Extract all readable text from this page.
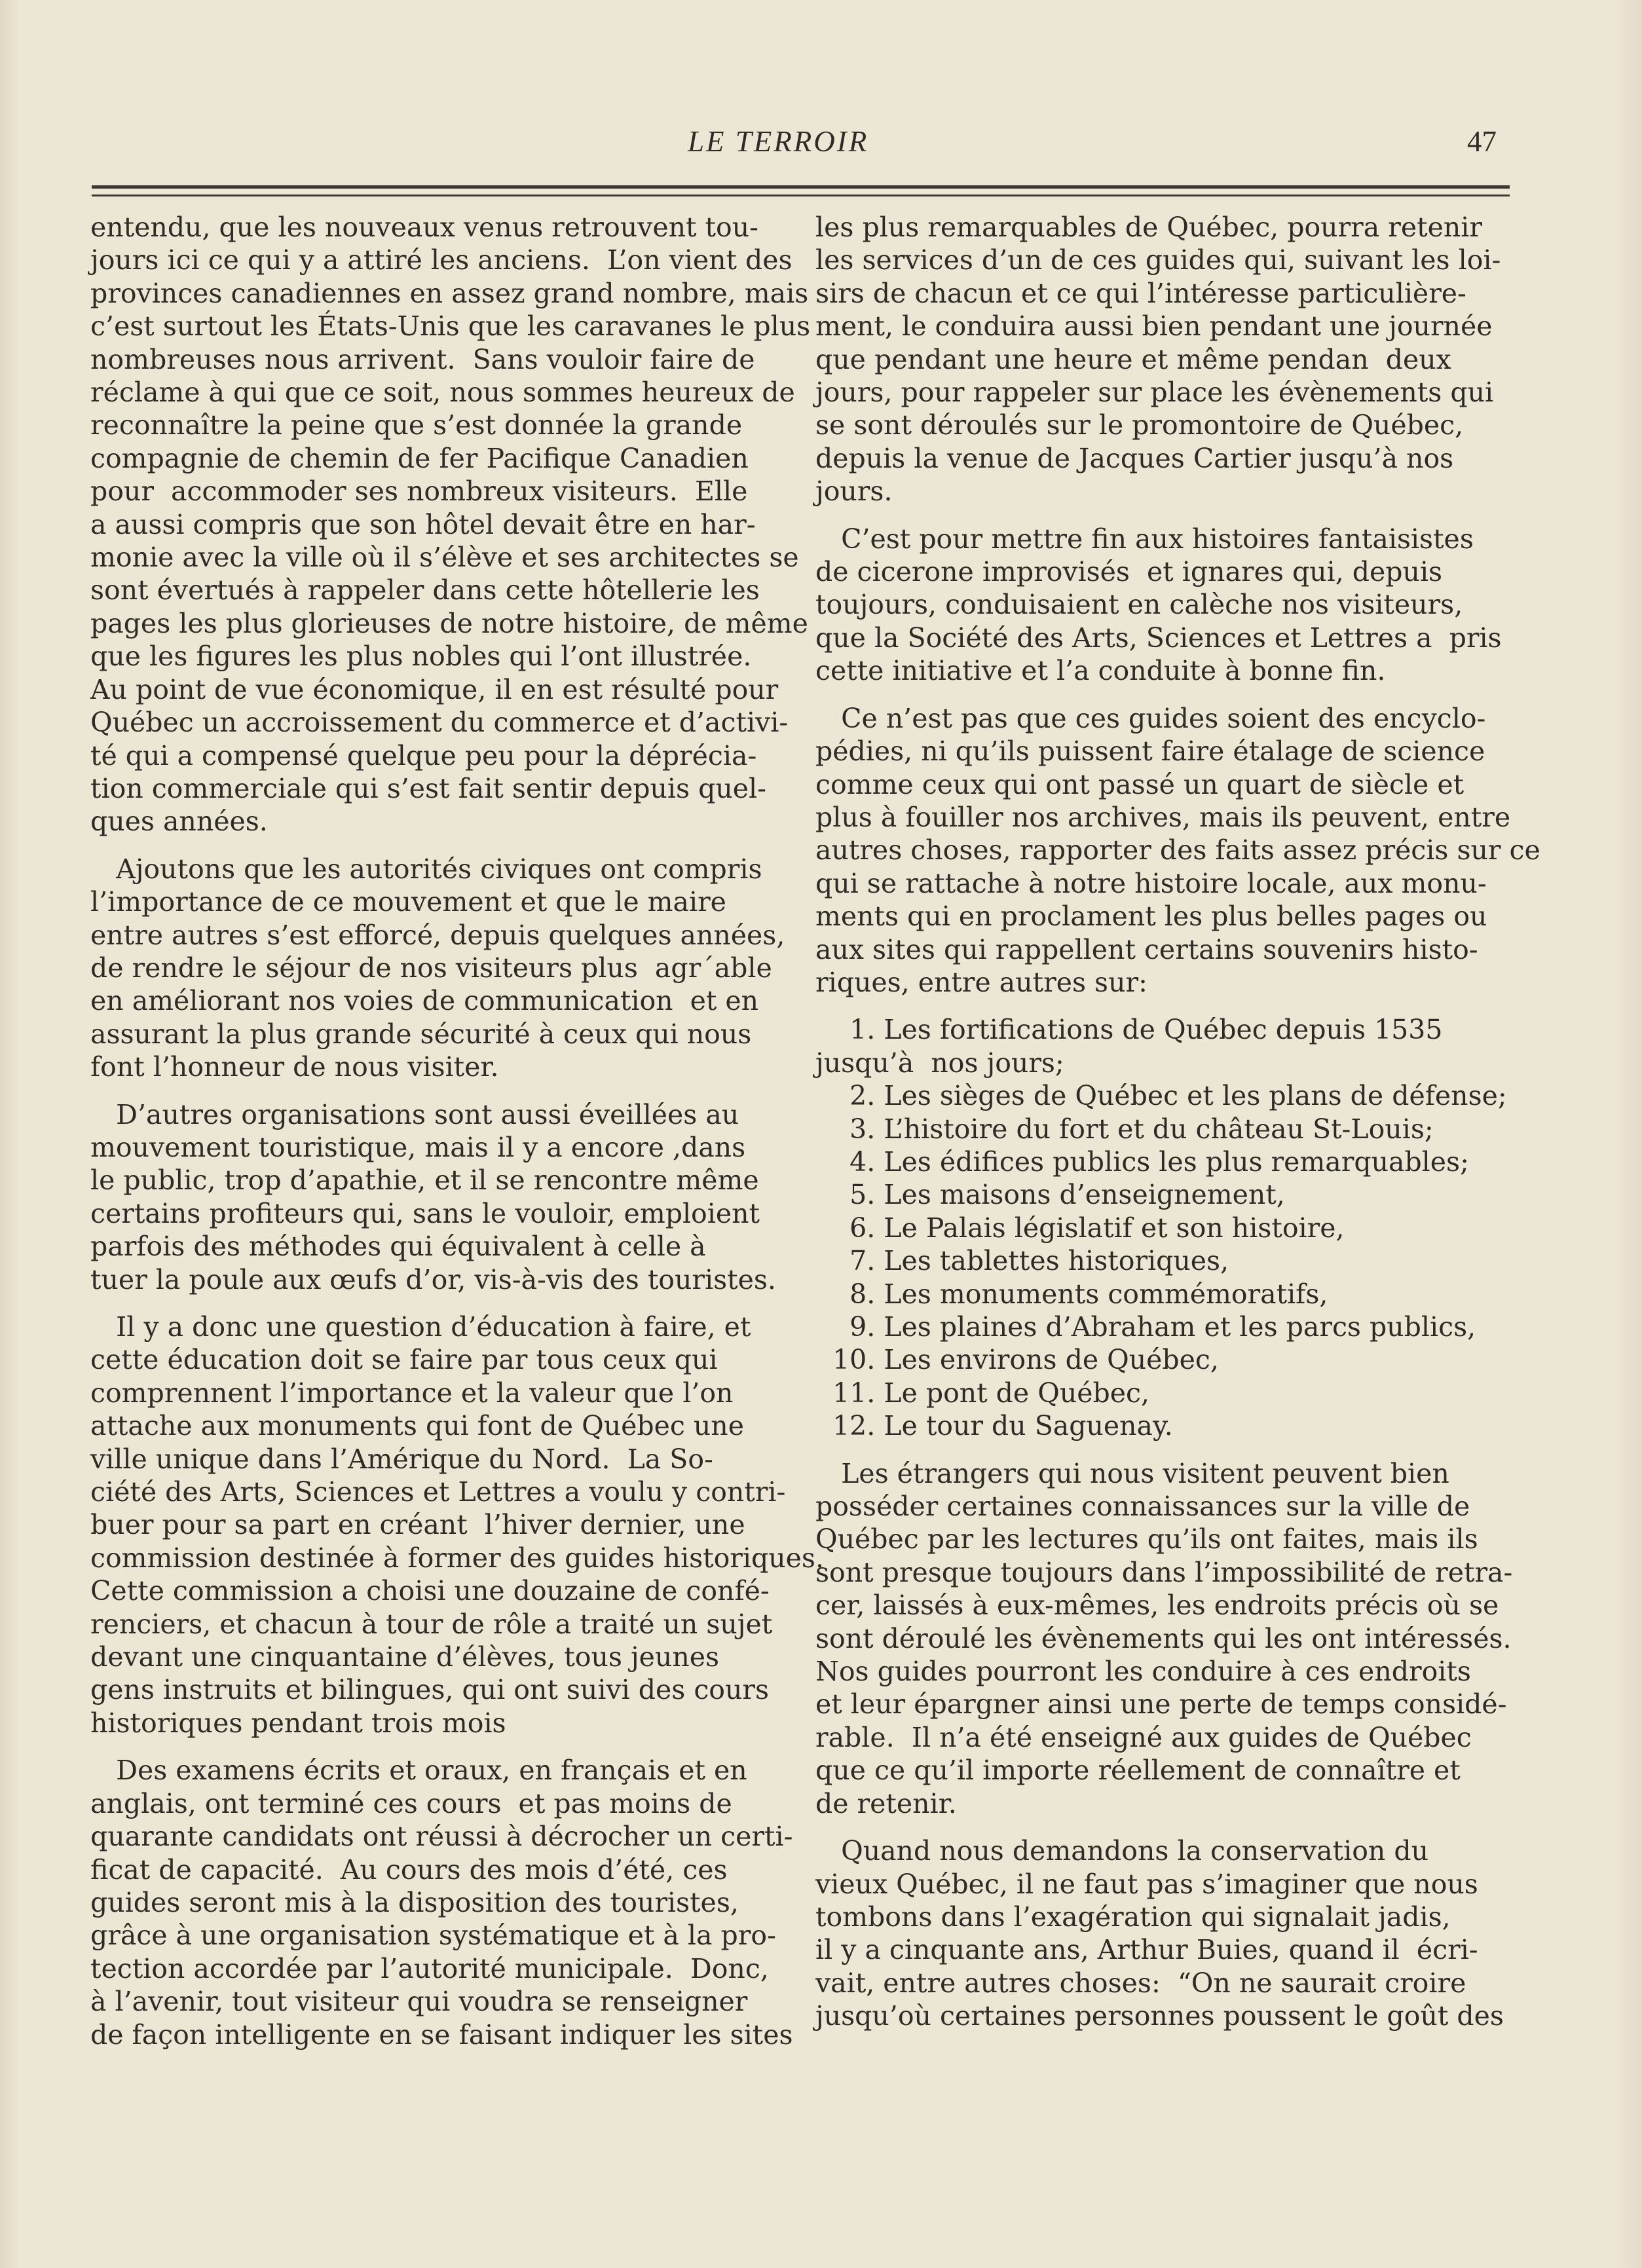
LE TERROIR	47

entendu, que les nouveaux venus retrouvent tou-

jours ici ce qui y a attiré les anciens.  L’on vient des

provinces canadiennes en assez grand nombre, mais

c’est surtout les États-Unis que les caravanes le plus

nombreuses nous arrivent.  Sans vouloir faire de

réclame à qui que ce soit, nous sommes heureux de

reconnaître la peine que s’est donnée la grande

compagnie de chemin de fer Pacifique Canadien

pour  accommoder ses nombreux visiteurs.  Elle

a aussi compris que son hôtel devait être en har-

monie avec la ville où il s’élève et ses architectes se

sont évertués à rappeler dans cette hôtellerie les

pages les plus glorieuses de notre histoire, de même

que les figures les plus nobles qui l’ont illustrée.

Au point de vue économique, il en est résulté pour

Québec un accroissement du commerce et d’activi-

té qui a compensé quelque peu pour la déprécia-

tion commerciale qui s’est fait sentir depuis quel-

ques années.

Ajoutons que les autorités civiques ont compris

l’importance de ce mouvement et que le maire

entre autres s’est efforcé, depuis quelques années,

de rendre le séjour de nos visiteurs plus  agr´able

en améliorant nos voies de communication  et en

assurant la plus grande sécurité à ceux qui nous

font l’honneur de nous visiter.

D’autres organisations sont aussi éveillées au

mouvement touristique, mais il y a encore ,dans

le public, trop d’apathie, et il se rencontre même

certains profiteurs qui, sans le vouloir, emploient

parfois des méthodes qui équivalent à celle à

tuer la poule aux œufs d’or, vis-à-vis des touristes.

Il y a donc une question d’éducation à faire, et

cette éducation doit se faire par tous ceux qui

comprennent l’importance et la valeur que l’on

attache aux monuments qui font de Québec une

ville unique dans l’Amérique du Nord.  La So-

ciété des Arts, Sciences et Lettres a voulu y contri-

buer pour sa part en créant  l’hiver dernier, une

commission destinée à former des guides historiques.

Cette commission a choisi une douzaine de confé-

renciers, et chacun à tour de rôle a traité un sujet

devant une cinquantaine d’élèves, tous jeunes

gens instruits et bilingues, qui ont suivi des cours

historiques pendant trois mois

Des examens écrits et oraux, en français et en

anglais, ont terminé ces cours  et pas moins de

quarante candidats ont réussi à décrocher un certi-

ficat de capacité.  Au cours des mois d’été, ces

guides seront mis à la disposition des touristes,

grâce à une organisation systématique et à la pro-

tection accordée par l’autorité municipale.  Donc,

à l’avenir, tout visiteur qui voudra se renseigner

de façon intelligente en se faisant indiquer les sites

les plus remarquables de Québec, pourra retenir

les services d’un de ces guides qui, suivant les loi-

sirs de chacun et ce qui l’intéresse particulière-

ment, le conduira aussi bien pendant une journée

que pendant une heure et même pendan  deux

jours, pour rappeler sur place les évènements qui

se sont déroulés sur le promontoire de Québec,

depuis la venue de Jacques Cartier jusqu’à nos

jours.

C’est pour mettre fin aux histoires fantaisistes

de cicerone improvisés  et ignares qui, depuis

toujours, conduisaient en calèche nos visiteurs,

que la Société des Arts, Sciences et Lettres a  pris

cette initiative et l’a conduite à bonne fin.

Ce n’est pas que ces guides soient des encyclo-

pédies, ni qu’ils puissent faire étalage de science

comme ceux qui ont passé un quart de siècle et

plus à fouiller nos archives, mais ils peuvent, entre

autres choses, rapporter des faits assez précis sur ce

qui se rattache à notre histoire locale, aux monu-

ments qui en proclament les plus belles pages ou

aux sites qui rappellent certains souvenirs histo-

riques, entre autres sur:

1. Les fortifications de Québec depuis 1535

jusqu’à  nos jours;

2. Les sièges de Québec et les plans de défense;

3. L’histoire du fort et du château St-Louis;

4. Les édifices publics les plus remarquables;

5. Les maisons d’enseignement,

6. Le Palais législatif et son histoire,

7. Les tablettes historiques,

8. Les monuments commémoratifs,

9. Les plaines d’Abraham et les parcs publics,

10. Les environs de Québec,

11. Le pont de Québec,

12. Le tour du Saguenay.

Les étrangers qui nous visitent peuvent bien

posséder certaines connaissances sur la ville de

Québec par les lectures qu’ils ont faites, mais ils

sont presque toujours dans l’impossibilité de retra-

cer, laissés à eux-mêmes, les endroits précis où se

sont déroulé les évènements qui les ont intéressés.

Nos guides pourront les conduire à ces endroits

et leur épargner ainsi une perte de temps considé-

rable.  Il n’a été enseigné aux guides de Québec

que ce qu’il importe réellement de connaître et

de retenir.

Quand nous demandons la conservation du

vieux Québec, il ne faut pas s’imaginer que nous

tombons dans l’exagération qui signalait jadis,

il y a cinquante ans, Arthur Buies, quand il  écri-

vait, entre autres choses:  “On ne saurait croire

jusqu’où certaines personnes poussent le goût des
